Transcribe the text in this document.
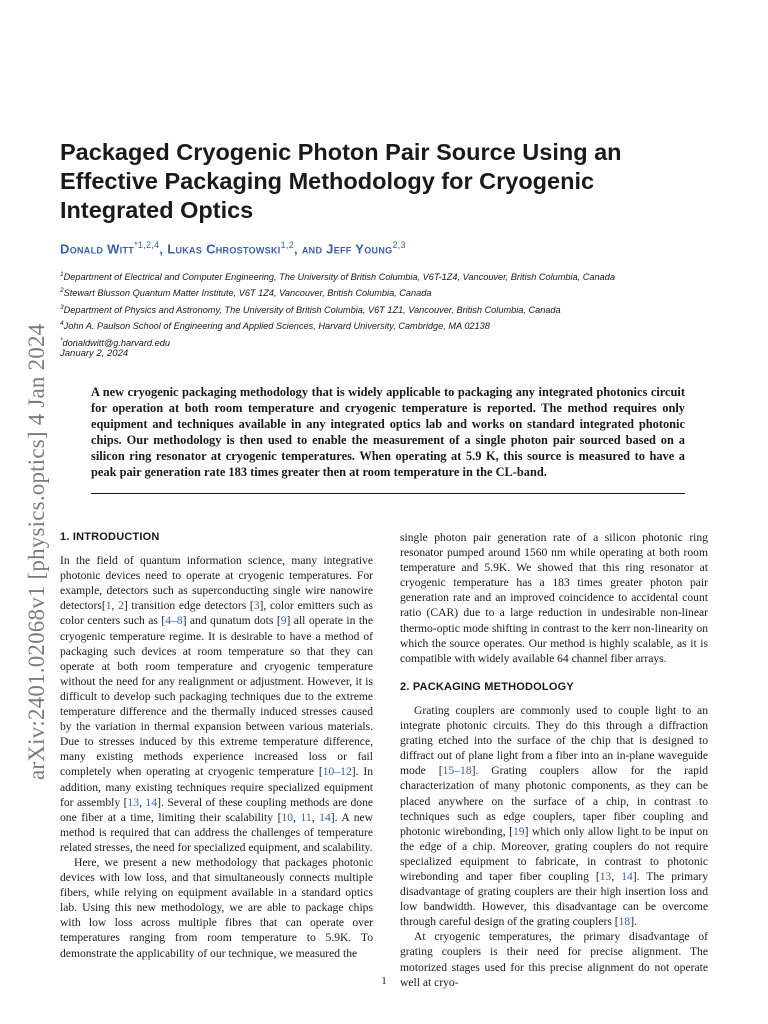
arXiv:2401.02068v1 [physics.optics] 4 Jan 2024
Packaged Cryogenic Photon Pair Source Using an Effective Packaging Methodology for Cryogenic Integrated Optics
Donald Witt$^{*1,2,4}$, Lukas Chrostowski$^{1,2}$, and Jeff Young$^{2,3}$
$^1$Department of Electrical and Computer Engineering, The University of British Columbia, V6T-1Z4, Vancouver, British Columbia, Canada
$^2$Stewart Blusson Quantum Matter Institute, V6T 1Z4, Vancouver, British Columbia, Canada
$^3$Department of Physics and Astronomy, The University of British Columbia, V6T 1Z1, Vancouver, British Columbia, Canada
$^4$John A. Paulson School of Engineering and Applied Sciences, Harvard University, Cambridge, MA 02138
*donaldwitt@g.harvard.edu
January 2, 2024
A new cryogenic packaging methodology that is widely applicable to packaging any integrated photonics circuit for operation at both room temperature and cryogenic temperature is reported. The method requires only equipment and techniques available in any integrated optics lab and works on standard integrated photonic chips. Our methodology is then used to enable the measurement of a single photon pair sourced based on a silicon ring resonator at cryogenic temperatures. When operating at 5.9 K, this source is measured to have a peak pair generation rate 183 times greater then at room temperature in the CL-band.
1. INTRODUCTION

In the field of quantum information science, many integrative photonic devices need to operate at cryogenic temperatures. For example, detectors such as superconducting single wire nanowire detectors[1, 2] transition edge detectors [3], color emitters such as color centers such as [4–8] and qunatum dots [9] all operate in the cryogenic temperature regime. It is desirable to have a method of packaging such devices at room temperature so that they can operate at both room temperature and cryogenic temperature without the need for any realignment or adjustment. However, it is difficult to develop such packaging techniques due to the extreme temperature difference and the thermally induced stresses caused by the variation in thermal expansion between various materials. Due to stresses induced by this extreme temperature difference, many existing methods experience increased loss or fail completely when operating at cryogenic temperature [10–12]. In addition, many existing techniques require specialized equipment for assembly [13, 14]. Several of these coupling methods are done one fiber at a time, limiting their scalability [10, 11, 14]. A new method is required that can address the challenges of temperature related stresses, the need for specialized equipment, and scalability.

Here, we present a new methodology that packages photonic devices with low loss, and that simultaneously connects multiple fibers, while relying on equipment available in a standard optics lab. Using this new methodology, we are able to package chips with low loss across multiple fibres that can operate over temperatures ranging from room temperature to 5.9K. To demonstrate the applicability of our technique, we measured the

single photon pair generation rate of a silicon photonic ring resonator pumped around 1560 nm while operating at both room temperature and 5.9K. We showed that this ring resonator at cryogenic temperature has a 183 times greater photon pair generation rate and an improved coincidence to accidental count ratio (CAR) due to a large reduction in undesirable non-linear thermo-optic mode shifting in contrast to the kerr non-linearity on which the source operates. Our method is highly scalable, as it is compatible with widely available 64 channel fiber arrays.

2. PACKAGING METHODOLOGY

Grating couplers are commonly used to couple light to an integrate photonic circuits. They do this through a diffraction grating etched into the surface of the chip that is designed to diffract out of plane light from a fiber into an in-plane waveguide mode [15–18]. Grating couplers allow for the rapid characterization of many photonic components, as they can be placed anywhere on the surface of a chip, in contrast to techniques such as edge couplers, taper fiber coupling and photonic wirebonding, [19] which only allow light to be input on the edge of a chip. Moreover, grating couplers do not require specialized equipment to fabricate, in contrast to photonic wirebonding and taper fiber coupling [13, 14]. The primary disadvantage of grating couplers are their high insertion loss and low bandwidth. However, this disadvantage can be overcome through careful design of the grating couplers [18].

At cryogenic temperatures, the primary disadvantage of grating couplers is their need for precise alignment. The motorized stages used for this precise alignment do not operate well at cryo-

1
